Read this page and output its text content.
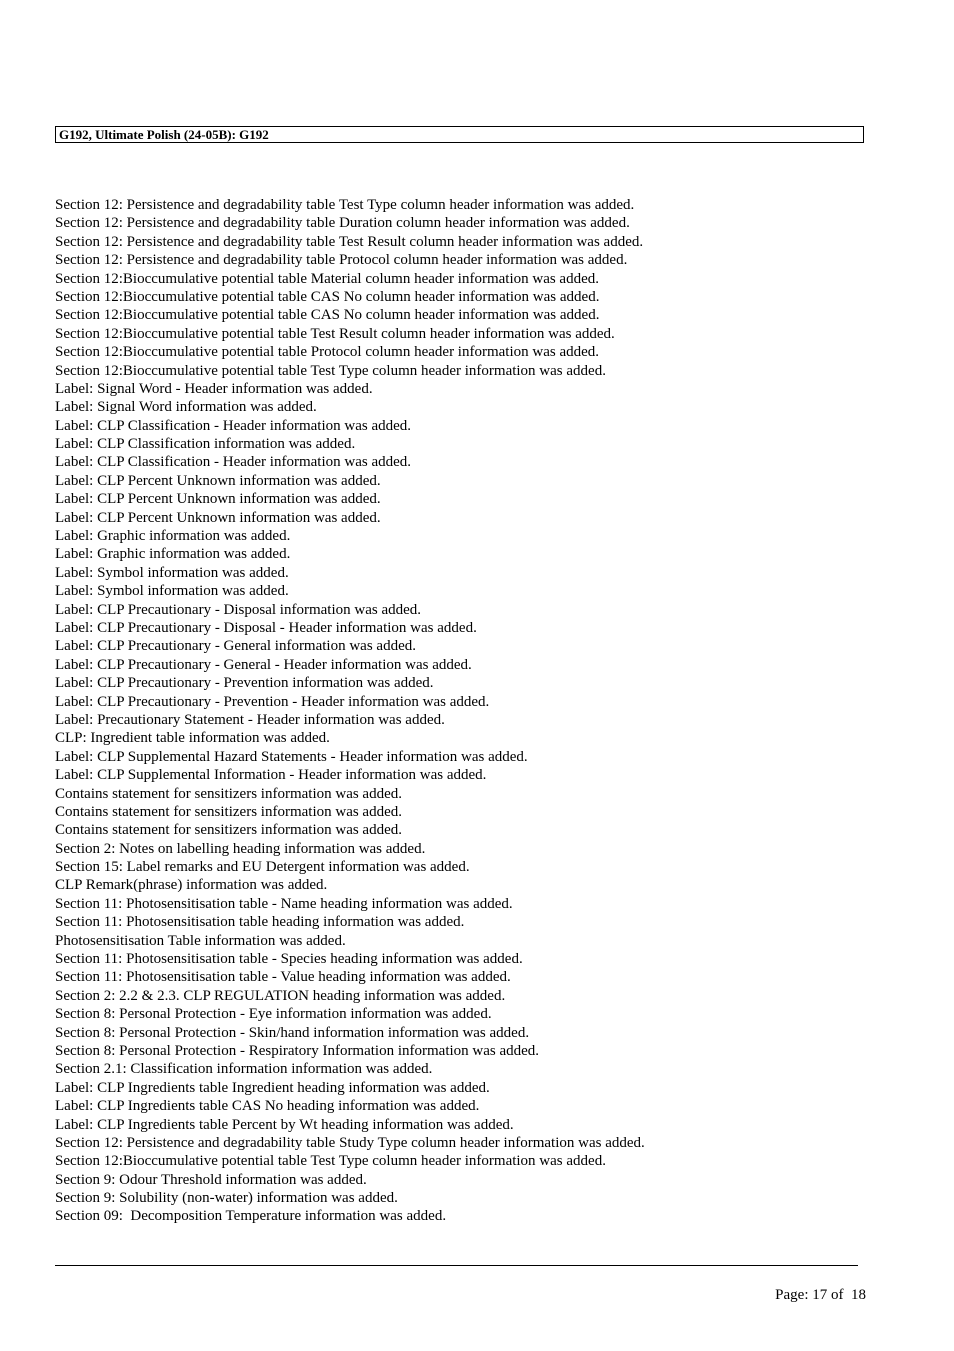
G192, Ultimate Polish (24-05B): G192
Section 12: Persistence and degradability table Test Type column header information was added.
Section 12: Persistence and degradability table Duration column header information was added.
Section 12: Persistence and degradability table Test Result column header information was added.
Section 12: Persistence and degradability table Protocol column header information was added.
Section 12:Bioccumulative potential table Material column header information was added.
Section 12:Bioccumulative potential table CAS No column header information was added.
Section 12:Bioccumulative potential table CAS No column header information was added.
Section 12:Bioccumulative potential table Test Result column header information was added.
Section 12:Bioccumulative potential table Protocol column header information was added.
Section 12:Bioccumulative potential table Test Type column header information was added.
Label: Signal Word - Header information was added.
Label: Signal Word information was added.
Label: CLP Classification - Header information was added.
Label: CLP Classification information was added.
Label: CLP Classification - Header information was added.
Label: CLP Percent Unknown information was added.
Label: CLP Percent Unknown information was added.
Label: CLP Percent Unknown information was added.
Label: Graphic information was added.
Label: Graphic information was added.
Label: Symbol information was added.
Label: Symbol information was added.
Label: CLP Precautionary - Disposal information was added.
Label: CLP Precautionary - Disposal - Header information was added.
Label: CLP Precautionary - General information was added.
Label: CLP Precautionary - General - Header information was added.
Label: CLP Precautionary - Prevention information was added.
Label: CLP Precautionary - Prevention - Header information was added.
Label: Precautionary Statement - Header information was added.
CLP: Ingredient table information was added.
Label: CLP Supplemental Hazard Statements - Header information was added.
Label: CLP Supplemental Information - Header information was added.
Contains statement for sensitizers information was added.
Contains statement for sensitizers information was added.
Contains statement for sensitizers information was added.
Section 2: Notes on labelling heading information was added.
Section 15: Label remarks and EU Detergent information was added.
CLP Remark(phrase) information was added.
Section 11: Photosensitisation table - Name heading information was added.
Section 11: Photosensitisation table heading information was added.
Photosensitisation Table information was added.
Section 11: Photosensitisation table - Species heading information was added.
Section 11: Photosensitisation table - Value heading information was added.
Section 2: 2.2 & 2.3. CLP REGULATION heading information was added.
Section 8: Personal Protection - Eye information information was added.
Section 8: Personal Protection - Skin/hand information information was added.
Section 8: Personal Protection - Respiratory Information information was added.
Section 2.1: Classification information information was added.
Label: CLP Ingredients table Ingredient heading information was added.
Label: CLP Ingredients table CAS No heading information was added.
Label: CLP Ingredients table Percent by Wt heading information was added.
Section 12: Persistence and degradability table Study Type column header information was added.
Section 12:Bioccumulative potential table Test Type column header information was added.
Section 9: Odour Threshold information was added.
Section 9: Solubility (non-water) information was added.
Section 09:  Decomposition Temperature information was added.
Page: 17 of  18
